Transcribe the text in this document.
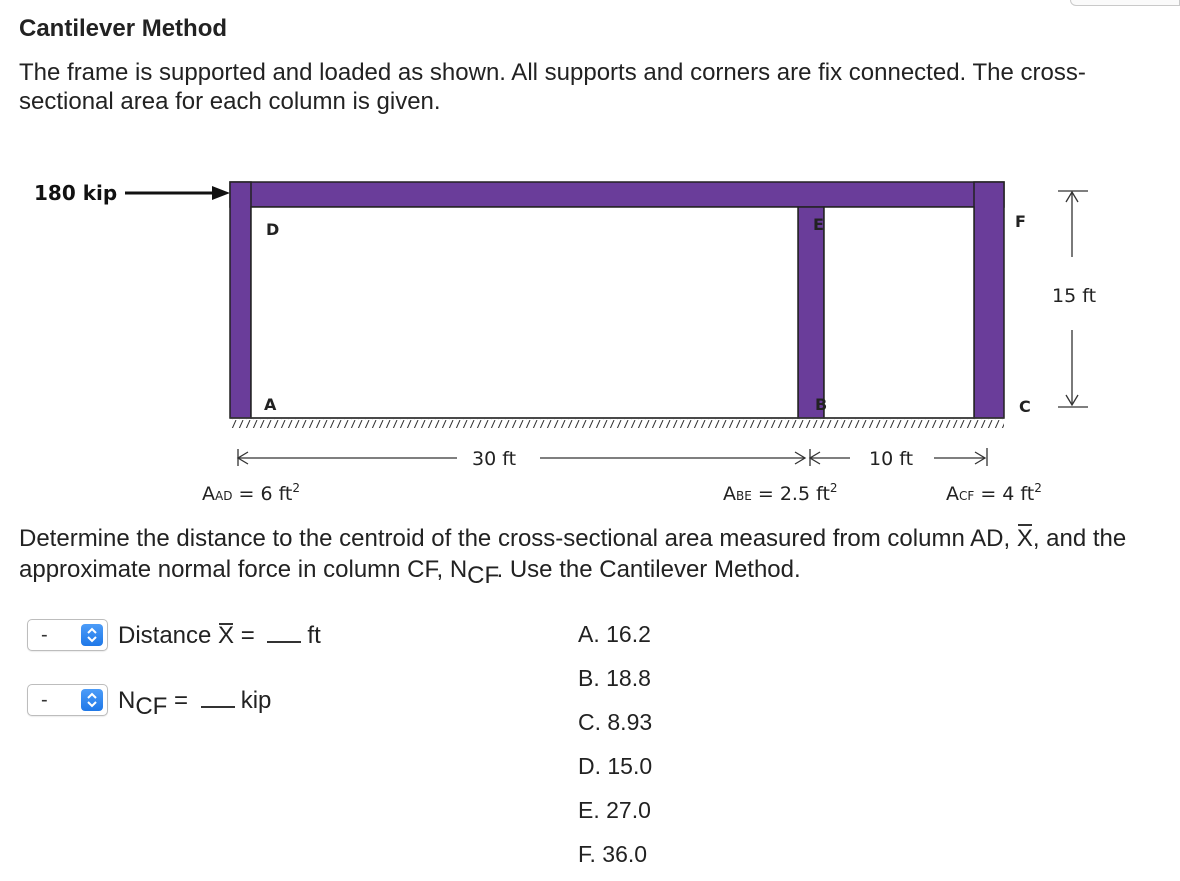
Cantilever Method
The frame is supported and loaded as shown. All supports and corners are fix connected. The cross-sectional area for each column is given.
180 kip
D	E	F
A	B	C
15 ft
30 ft	10 ft
AAD = 6 $ft^2$	ABE = 2.5 $ft^2$	ACF = 4 $ft^2$
Determine the distance to the centroid of the cross-sectional area measured from column AD, X, and the approximate normal force in column CF, NCF. Use the Cantilever Method.
-	Distance X = ft
-	NCF = kip
A. 16.2
B. 18.8
C. 8.93
D. 15.0
E. 27.0
F. 36.0
